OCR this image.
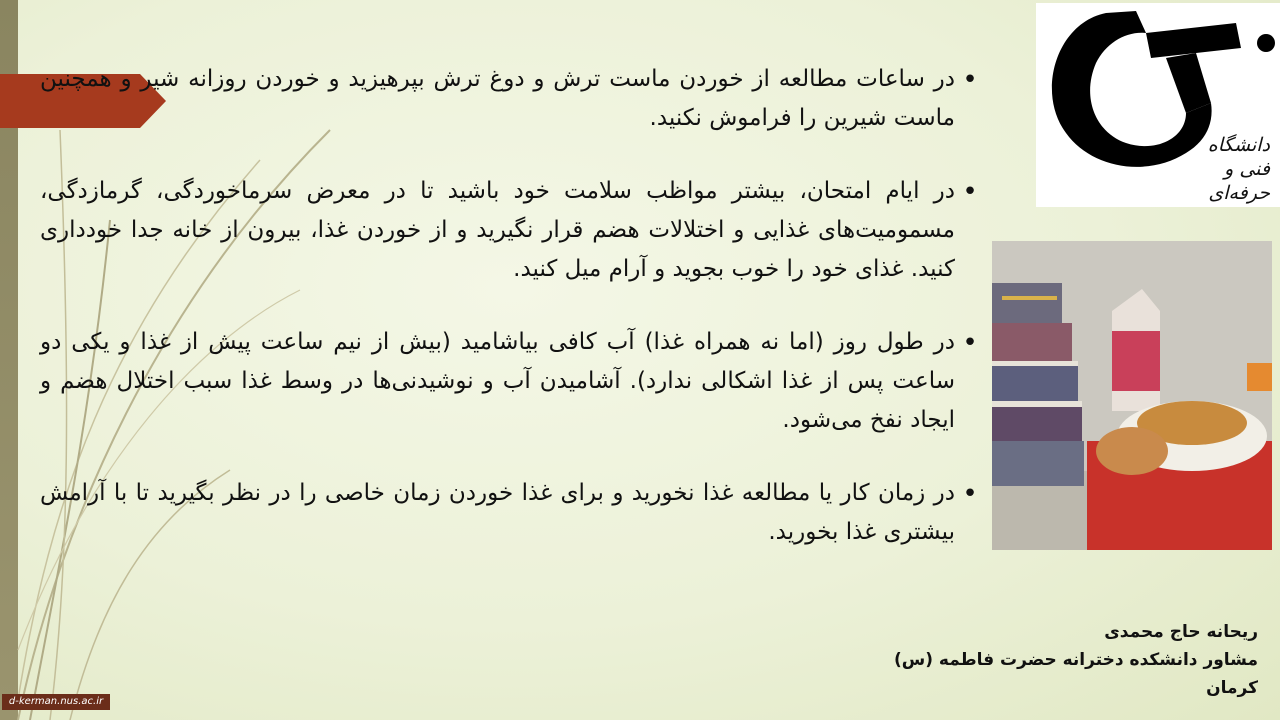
•
در ساعات مطالعه از خوردن ماست ترش و دوغ ترش بپرهیزید و خوردن روزانه شیر و همچنین ماست شیرین را فراموش نکنید.
•
در ایام امتحان، بیشتر مواظب سلامت خود باشید تا در معرض سرماخوردگی، گرمازدگی، مسمومیت‌های غذایی و اختلالات هضم قرار نگیرید و از خوردن غذا، بیرون از خانه جدا خودداری کنید. غذای خود را خوب بجوید و آرام میل کنید.
•
در طول روز (اما نه همراه غذا) آب کافی بیاشامید (بیش از نیم ساعت پیش از غذا و یکی دو ساعت پس از غذا اشکالی ندارد). آشامیدن آب و نوشیدنی‌ها در وسط غذا سبب اختلال هضم و ایجاد نفخ می‌شود.
•
در زمان کار یا مطالعه غذا نخورید و برای غذا خوردن زمان خاصی را در نظر بگیرید تا با آرامش بیشتری غذا بخورید.
دانشگاه
فنی و حرفه‌ای
ریحانه حاج محمدی
مشاور دانشکده دخترانه حضرت فاطمه (س)
کرمان
d-kerman.nus.ac.ir
